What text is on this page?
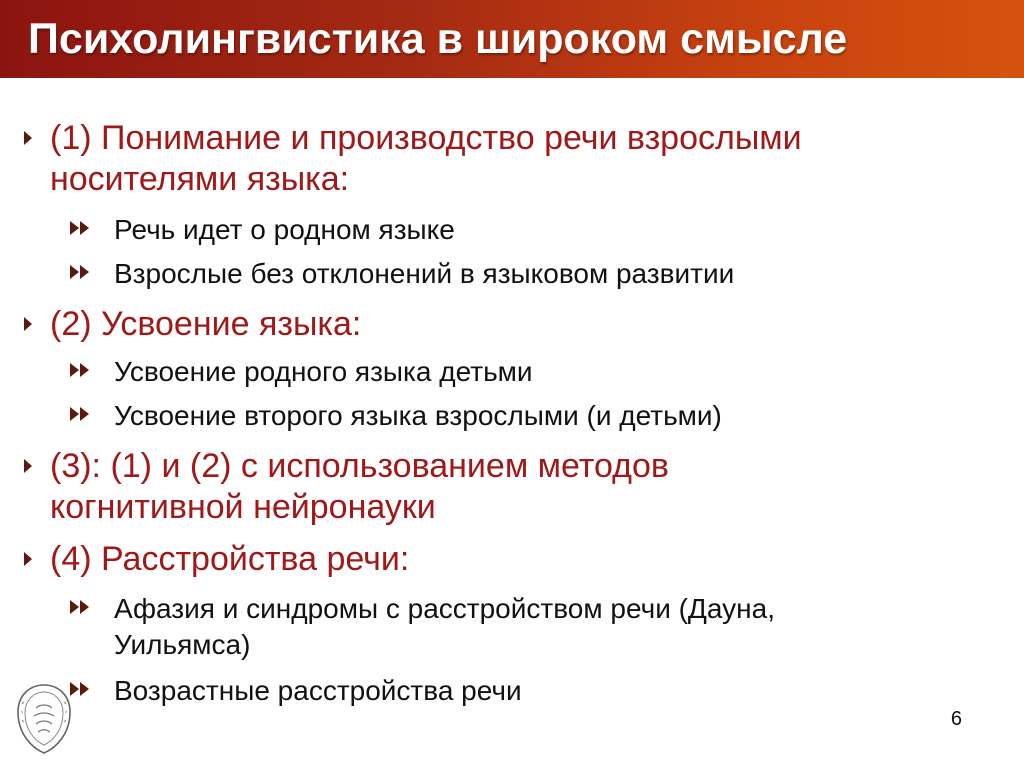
Психолингвистика в широком смысле
(1) Понимание и производство речи взрослыми
носителями языка:
Речь идет о родном языке
Взрослые без отклонений в языковом развитии
(2) Усвоение языка:
Усвоение родного языка детьми
Усвоение второго языка взрослыми (и детьми)
(3): (1) и (2) с использованием методов
когнитивной нейронауки
(4) Расстройства речи:
Афазия и синдромы с расстройством речи (Дауна,
Уильямса)
Возрастные расстройства речи
6
